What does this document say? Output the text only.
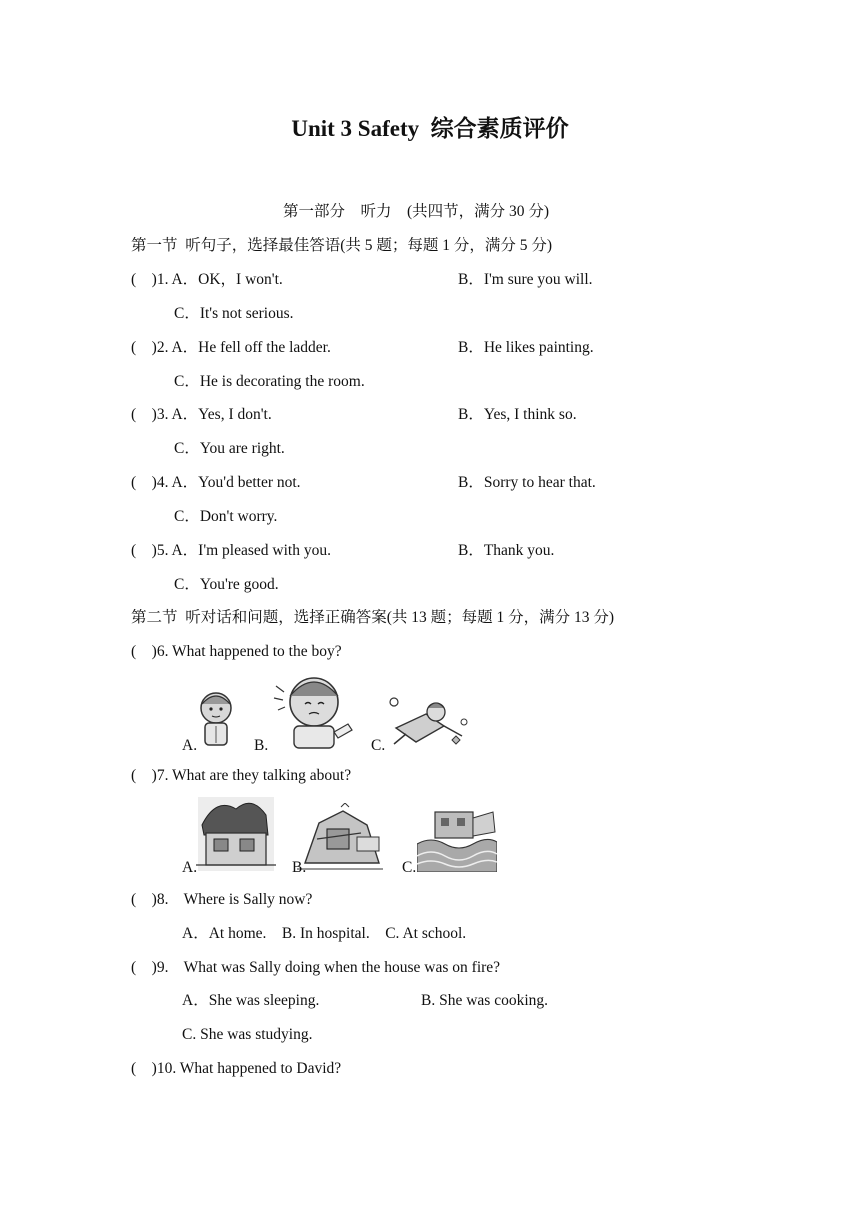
Unit 3 Safety  综合素质评价
第一部分    听力    (共四节，满分 30 分)
第一节  听句子，选择最佳答语(共 5 题；每题 1 分，满分 5 分)
(    )1. A．OK，I won't.	B．I'm sure you will.
C．It's not serious.
(    )2. A．He fell off the ladder.	B．He likes painting.
C．He is decorating the room.
(    )3. A．Yes, I don't.	B．Yes, I think so.
C．You are right.
(    )4. A．You'd better not.	B．Sorry to hear that.
C．Don't worry.
(    )5. A．I'm pleased with you.	B．Thank you.
C．You're good.
第二节  听对话和问题，选择正确答案(共 13 题；每题 1 分，满分 13 分)
(    )6. What happened to the boy?
A.	B.	C.
(    )7. What are they talking about?
A.	B.	C.
(    )8.    Where is Sally now?
A．At home.    B. In hospital.    C. At school.
(    )9.    What was Sally doing when the house was on fire?
A．She was sleeping.	B. She was cooking.
C. She was studying.
(    )10. What happened to David?
